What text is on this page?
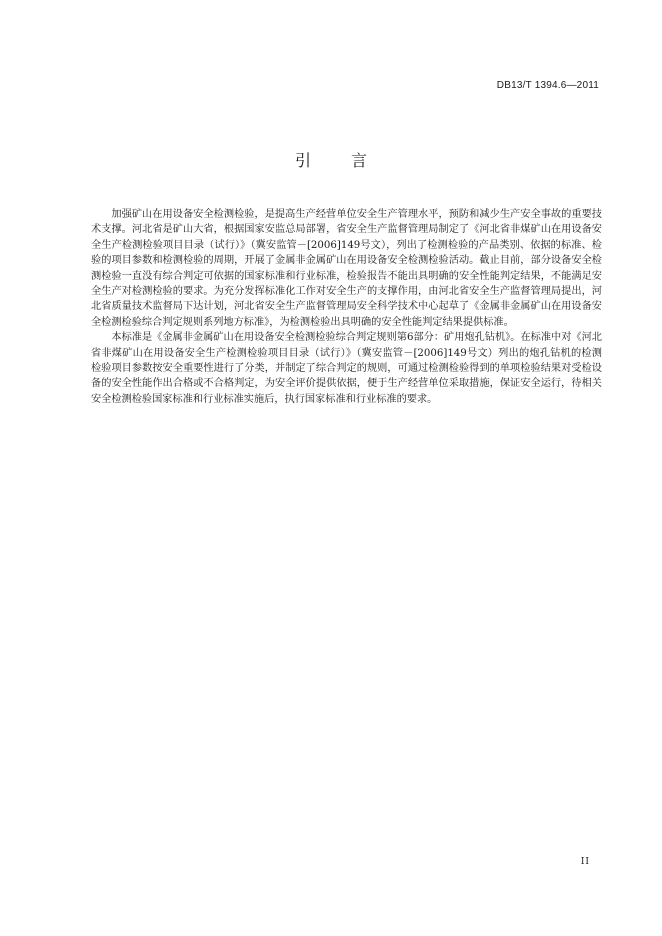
DB13/T 1394.6—2011
引言

加强矿山在用设备安全检测检验，是提高生产经营单位安全生产管理水平，预防和减少生产安全事故的重要技术支撑。河北省是矿山大省，根据国家安监总局部署，省安全生产监督管理局制定了《河北省非煤矿山在用设备安全生产检测检验项目目录（试行）》（冀安监管－[2006]149号文），列出了检测检验的产品类别、依据的标准、检验的项目参数和检测检验的周期，开展了金属非金属矿山在用设备安全检测检验活动。截止目前，部分设备安全检测检验一直没有综合判定可依据的国家标准和行业标准，检验报告不能出具明确的安全性能判定结果，不能满足安全生产对检测检验的要求。为充分发挥标准化工作对安全生产的支撑作用，由河北省安全生产监督管理局提出，河北省质量技术监督局下达计划，河北省安全生产监督管理局安全科学技术中心起草了《金属非金属矿山在用设备安全检测检验综合判定规则系列地方标准》，为检测检验出具明确的安全性能判定结果提供标准。

本标准是《金属非金属矿山在用设备安全检测检验综合判定规则第6部分：矿用炮孔钻机》。在标准中对《河北省非煤矿山在用设备安全生产检测检验项目目录（试行）》（冀安监管－[2006]149号文）列出的炮孔钻机的检测检验项目参数按安全重要性进行了分类，并制定了综合判定的规则，可通过检测检验得到的单项检验结果对受检设备的安全性能作出合格或不合格判定，为安全评价提供依据，便于生产经营单位采取措施，保证安全运行，待相关安全检测检验国家标准和行业标准实施后，执行国家标准和行业标准的要求。

II
